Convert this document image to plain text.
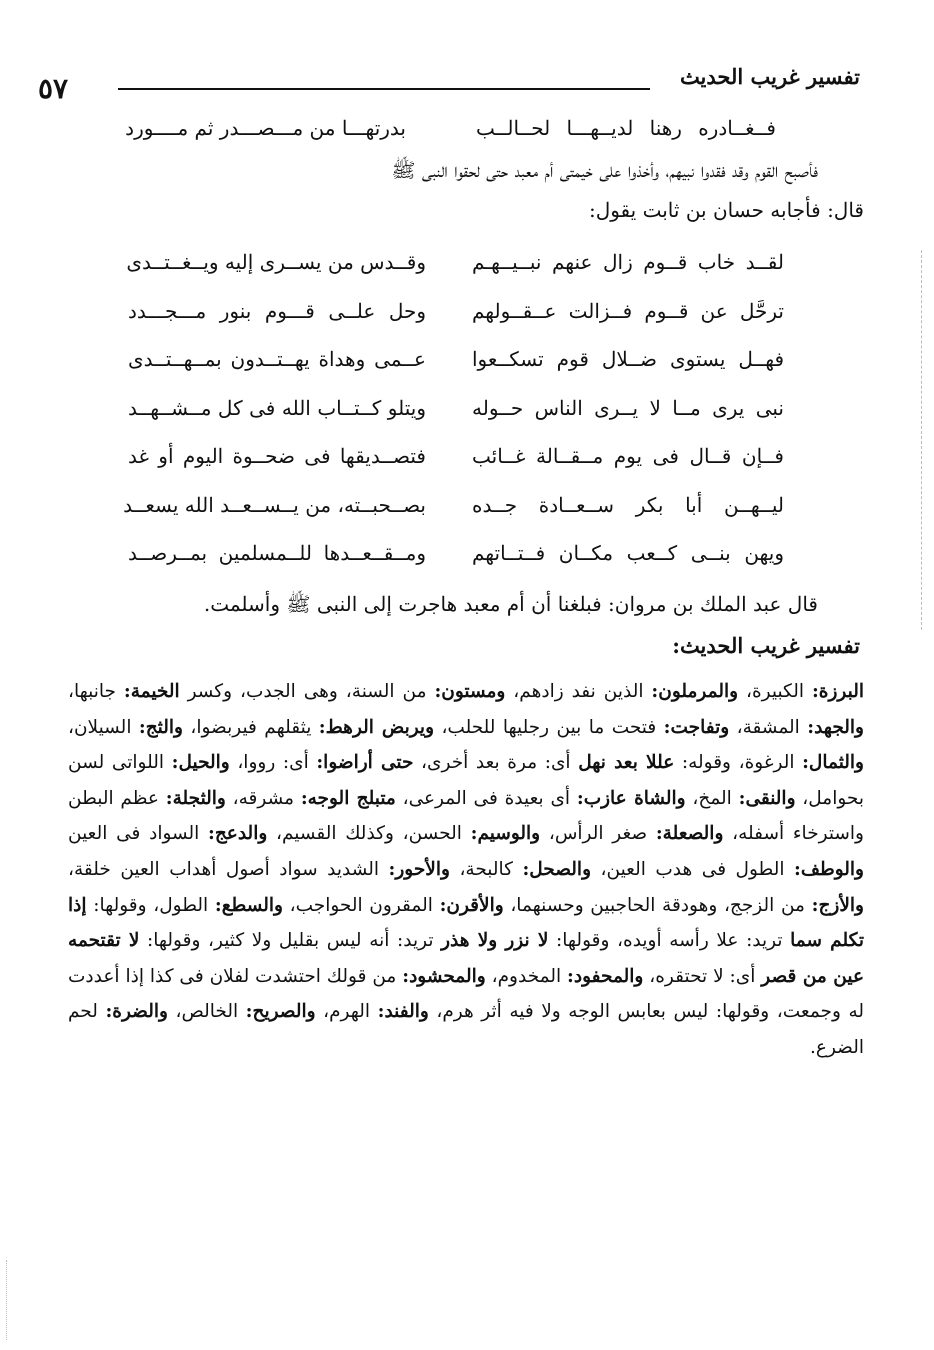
٥٧	تفسير غريب الحديث
فــغــادره رهنا لديــهـــا لحــالــب
بدرتهـــا من مـــصـــدر ثم مــــورد
فأصبح القوم وقد فقدوا نبيهم، وأخذوا على خيمتى أم معبد حتى لحقوا النبى ﷺ
قال: فأجابه حسان بن ثابت يقول:
لقــد خاب قــوم زال عنهم نبــيــهـم
وقــدس من يســرى إليه ويــغــتــدى
ترحَّل عن قــوم فــزالت عــقــولهم
وحل علــى قـــوم بنور مـــجـــدد
فهــل يستوى ضــلال قوم تسكــعوا
عــمى وهداة يهــتــدون بمــهــتــدى
نبى يرى مــا لا يــرى الناس حــوله
ويتلو كــتــاب الله فى كل مــشــهــد
فــإن قــال فى يوم مــقــالة غــائب
فتصــديقها فى ضحــوة اليوم أو غد
ليــهــن أبا بكر ســعــادة جــده
بصــحبــته، من يــســعــد الله يسعــد
ويهن بنــى كــعب مكــان فــتــاتهم
ومــقــعــدها للــمسلمين بمــرصــد
قال عبد الملك بن مروان: فبلغنا أن أم معبد هاجرت إلى النبى ﷺ وأسلمت.
تفسير غريب الحديث:
البرزة: الكبيرة، والمرملون: الذين نفد زادهم، ومستون: من السنة، وهى الجدب، وكسر الخيمة: جانبها، والجهد: المشقة، وتفاجت: فتحت ما بين رجليها للحلب، ويربض الرهط: يثقلهم فيربضوا، والثج: السيلان، والثمال: الرغوة، وقوله: عللا بعد نهل أى: مرة بعد أخرى، حتى أراضوا: أى: رووا، والحيل: اللواتى لسن بحوامل، والنقى: المخ، والشاة عازب: أى بعيدة فى المرعى، متبلج الوجه: مشرقه، والثجلة: عظم البطن واسترخاء أسفله، والصعلة: صغر الرأس، والوسيم: الحسن، وكذلك القسيم، والدعج: السواد فى العين والوطف: الطول فى هدب العين، والصحل: كالبحة، والأحور: الشديد سواد أصول أهداب العين خلقة، والأزج: من الزجج، وهودقة الحاجبين وحسنهما، والأقرن: المقرون الحواجب، والسطع: الطول، وقولها: إذا تكلم سما تريد: علا رأسه أويده، وقولها: لا نزر ولا هذر تريد: أنه ليس بقليل ولا كثير، وقولها: لا تقتحمه عين من قصر أى: لا تحتقره، والمحفود: المخدوم، والمحشود: من قولك احتشدت لفلان فى كذا إذا أعددت له وجمعت، وقولها: ليس بعابس الوجه ولا فيه أثر هرم، والفند: الهرم، والصريح: الخالص، والضرة: لحم الضرع.
